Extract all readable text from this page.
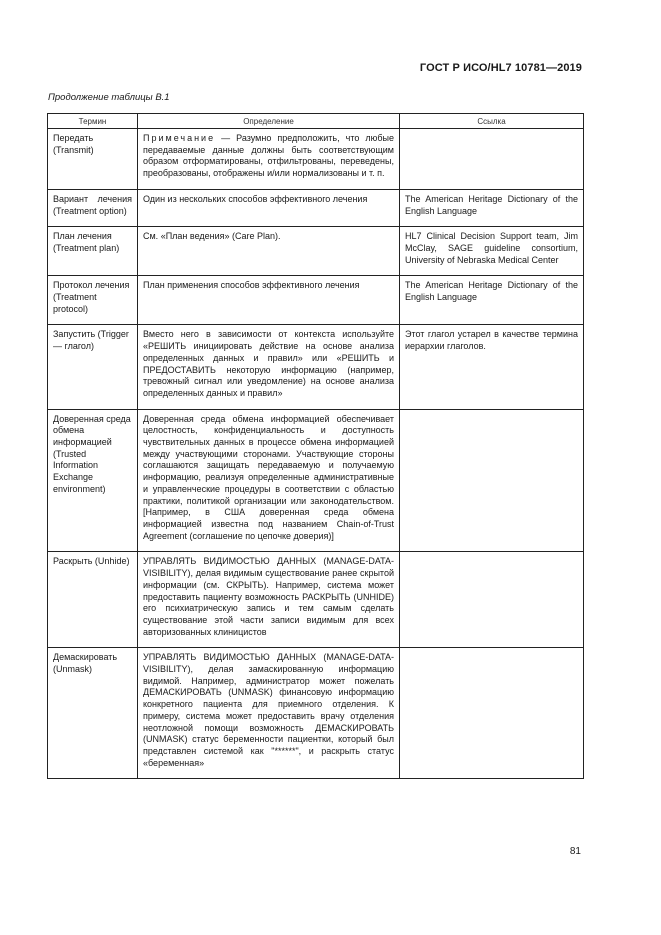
ГОСТ Р ИСО/HL7 10781—2019
Продолжение таблицы В.1
Термин	Определение	Ссылка
Передать (Transmit)	Примечание — Разумно предположить, что любые передаваемые данные должны быть соответствующим образом отформатированы, отфильтрованы, переведены, преобразованы, отображены и/или нормализованы и т. п.	
Вариант лечения (Treatment option)	Один из нескольких способов эффективного лечения	The American Heritage Dictionary of the English Language
План лечения (Treatment plan)	См. «План ведения» (Care Plan).	HL7 Clinical Decision Support team, Jim McClay, SAGE guideline consortium, University of Nebraska Medical Center
Протокол лечения (Treatment protocol)	План применения способов эффективного лечения	The American Heritage Dictionary of the English Language
Запустить (Trigger — глагол)	Вместо него в зависимости от контекста используйте «РЕШИТЬ инициировать действие на основе анализа определенных данных и правил» или «РЕШИТЬ и ПРЕДОСТАВИТЬ некоторую информацию (например, тревожный сигнал или уведомление) на основе анализа определенных данных и правил»	Этот глагол устарел в качестве термина иерархии глаголов.
Доверенная среда обмена информацией (Trusted Information Exchange environment)	Доверенная среда обмена информацией обеспечивает целостность, конфиденциальность и доступность чувствительных данных в процессе обмена информацией между участвующими сторонами. Участвующие стороны соглашаются защищать передаваемую и получаемую информацию, реализуя определенные административные и управленческие процедуры в соответствии с областью практики, политикой организации или законодательством. [Например, в США доверенная среда обмена информацией известна под названием Chain-of-Trust Agreement (соглашение по цепочке доверия)]	
Раскрыть (Unhide)	УПРАВЛЯТЬ ВИДИМОСТЬЮ ДАННЫХ (MANAGE-DATA-VISIBILITY), делая видимым существование ранее скрытой информации (см. СКРЫТЬ). Например, система может предоставить пациенту возможность РАСКРЫТЬ (UNHIDE) его психиатрическую запись и тем самым сделать существование этой части записи видимым для всех авторизованных клиницистов	
Демаскировать (Unmask)	УПРАВЛЯТЬ ВИДИМОСТЬЮ ДАННЫХ (MANAGE-DATA-VISIBILITY), делая замаскированную информацию видимой. Например, администратор может пожелать ДЕМАСКИРОВАТЬ (UNMASK) финансовую информацию конкретного пациента для приемного отделения. К примеру, система может предоставить врачу отделения неотложной помощи возможность ДЕМАСКИРОВАТЬ (UNMASK) статус беременности пациентки, который был представлен системой как "******", и раскрыть статус «беременная»	
81
